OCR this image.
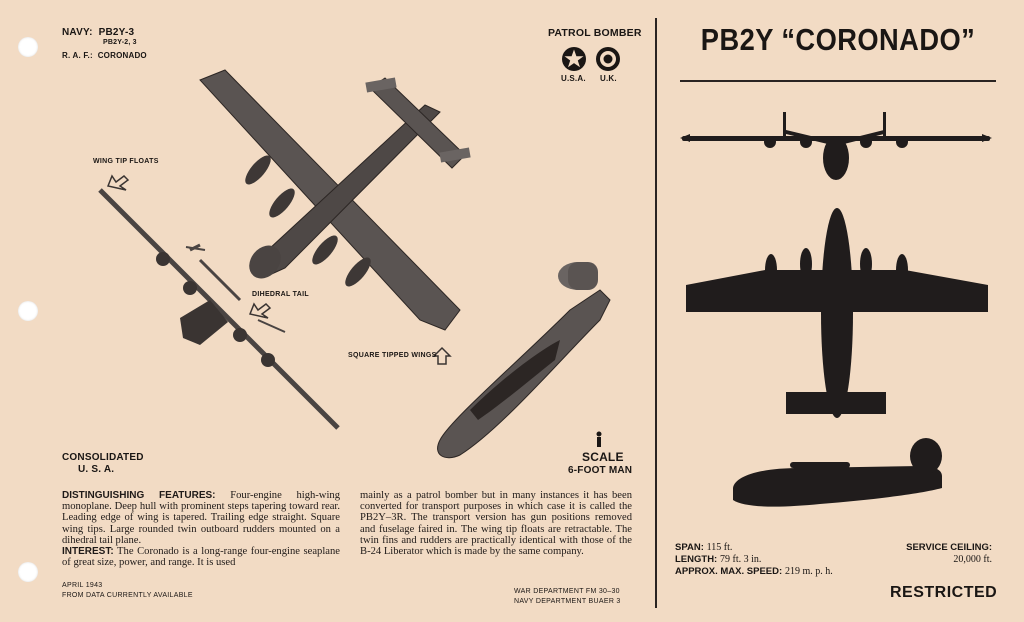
NAVY: PB2Y-3
PB2Y-2, 3
R. A. F.: CORONADO
PATROL BOMBER
U.S.A. U.K.
WING TIP FLOATS
DIHEDRAL TAIL
SQUARE TIPPED WINGS
CONSOLIDATED
U. S. A.
SCALE
6-FOOT MAN
DISTINGUISHING FEATURES: Four-engine high-wing monoplane. Deep hull with prominent steps tapering toward rear. Leading edge of wing is tapered. Trailing edge straight. Square wing tips. Large rounded twin outboard rudders mounted on a dihedral tail plane.
INTEREST: The Coronado is a long-range four-engine seaplane of great size, power, and range. It is used
mainly as a patrol bomber but in many instances it has been converted for transport purposes in which case it is called the PB2Y–3R. The transport version has gun positions removed and fuselage faired in. The wing tip floats are retractable. The twin fins and rudders are practically identical with those of the B-24 Liberator which is made by the same company.
APRIL 1943
FROM DATA CURRENTLY AVAILABLE
WAR DEPARTMENT FM 30–30
NAVY DEPARTMENT BUAER 3
PB2Y “CORONADO”
SPAN: 115 ft.
LENGTH: 79 ft. 3 in.
APPROX. MAX. SPEED: 219 m. p. h.
SERVICE CEILING:
20,000 ft.
RESTRICTED
